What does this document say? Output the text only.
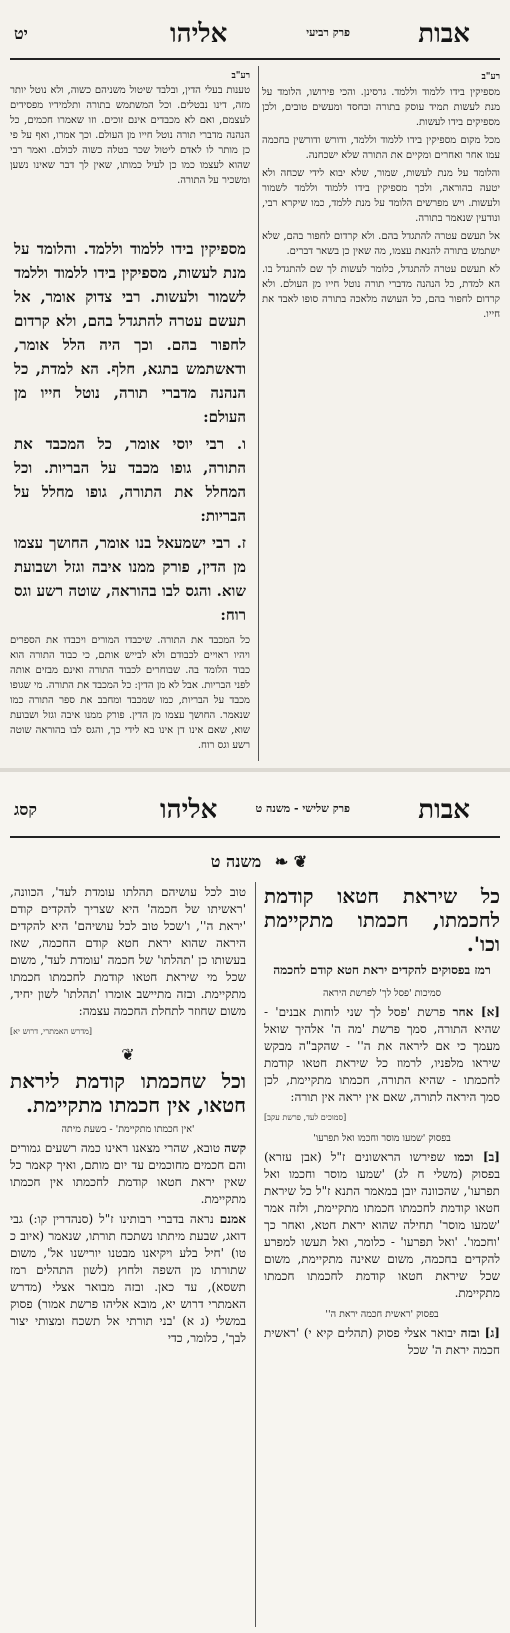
אבות
פרק רביעי
אליהו
יט
רע"ב

מספיקין בידו ללמוד וללמד. גרסינן. והכי פירושו, הלומד על מנת לעשות תמיד עוסק בתורה ובחסד ומעשים טובים, ולכן מספיקים בידו לעשות.

מכל מקום מספיקין בידו ללמוד וללמד, ודורש ודורשין בחכמה עמו אחר ואחרים ומקיים את התורה שלא ישכחנה.

והלומד על מנת לעשות, שמור, שלא יבוא לידי שכחה ולא יטעה בהוראה, ולכך מספיקין בידו ללמוד וללמד לשמור ולעשות. ויש מפרשים הלומד על מנת ללמד, כמו שיקרא רבי, ונודעין שנאמר בתורה.

אל תעשם עטרה להתגדל בהם. ולא קרדום לחפור בהם, שלא ישתמש בתורה להנאת עצמו, מה שאין כן בשאר דברים.

לא תעשם עטרה להתגדל, כלומר לעשות לך שם להתגדל בו. הא למדת, כל הנהנה מדברי תורה נוטל חייו מן העולם. ולא קרדום לחפור בהם, כל העושה מלאכה בתורה סופו לאבד את חייו.

רע"ב

טענות בעלי הדין, ובלבד שיטול משניהם כשוה, ולא נוטל יותר מזה, דינו נבטלים. וכל המשתמש בתורה ותלמידיו מפסידים לעצמם, ואם לא מכבדים אינם זוכים. וזו שאמרו חכמים, כל הנהנה מדברי תורה נוטל חייו מן העולם. וכך אמרו, ואף על פי כן מותר לו לאדם ליטול שכר בטלה כשוה לכולם. ואמר רבי שהוא לעצמו כמו כן לעיל כמותו, שאין לך דבר שאינו נשען ומשכיר על התורה.

מספיקין בידו ללמוד וללמד. והלומד על מנת לעשות, מספיקין בידו ללמוד וללמד לשמור ולעשות. רבי צדוק אומר, אל תעשם עטרה להתגדל בהם, ולא קרדום לחפור בהם. וכך היה הלל אומר, ודאשתמש בתגא, חלף. הא למדת, כל הנהנה מדברי תורה, נוטל חייו מן העולם:

ו. רבי יוסי אומר, כל המכבד את התורה, גופו מכבד על הבריות. וכל המחלל את התורה, גופו מחלל על הבריות:

ז. רבי ישמעאל בנו אומר, החושך עצמו מן הדין, פורק ממנו איבה וגזל ושבועת שוא. והגס לבו בהוראה, שוטה רשע וגס רוח:

כל המכבד את התורה. שיכבדו המורים ויכבדו את הספרים ויהיו ראויים לכבודם ולא לבייש אותם, כי כבוד התורה הוא כבוד הלומד בה. שבוחרים לכבוד התורה ואינם מבזים אותה לפני הבריות. אבל לא מן הדין: כל המכבד את התורה. מי שגופו מכבד על הבריות, כמו שמכבד ומחבב את ספר התורה כמו שנאמר. החושך עצמו מן הדין. פורק ממנו איבה וגזל ושבועת שוא, שאם אינו דן אינו בא לידי כך, והגס לבו בהוראה שוטה רשע וגס רוח.

אבות
פרק שלישי - משנה ט
אליהו
קסג
❦ ❧ משנה ט
כל שיראת חטאו קודמת לחכמתו, חכמתו מתקיימת וכו'.
רמז בפסוקים להקדים יראת חטא קודם לחכמה
סמיכות 'פסל לך' לפרשת היראה

[א] אחר פרשת 'פסל לך שני לוחות אבנים' - שהיא התורה, סמך פרשת 'מה ה' אלהיך שואל מעמך כי אם ליראה את ה'' - שהקב"ה מבקש שיראו מלפניו, לרמוז כל שיראת חטאו קודמת לחכמתו - שהיא התורה, חכמתו מתקיימת, לכן סמך היראה לתורה, שאם אין יראה אין תורה:

[סמוכים לעד, פרשת עקב]
בפסוק 'שמעו מוסר וחכמו ואל תפרעו'

[ב] וכמו שפירשו הראשונים ז"ל (אבן עזרא) בפסוק (משלי ח לג) 'שמעו מוסר וחכמו ואל תפרעו', שהכוונה יובן במאמר התנא ז"ל כל שיראת חטאו קודמת לחכמתו חכמתו מתקיימת, ולזה אמר 'שמעו מוסר' תחילה שהוא יראת חטא, ואחר כך 'וחכמו'. 'ואל תפרעו' - כלומר, ואל תעשו למפרע להקדים בחכמה, משום שאינה מתקיימת, משום שכל שיראת חטאו קודמת לחכמתו חכמתו מתקיימת.

בפסוק 'ראשית חכמה יראת ה''

[ג] ובזה יבואר אצלי פסוק (תהלים קיא י) 'ראשית חכמה יראת ה' שכל

טוב לכל עושיהם תהלתו עומדת לעד', הכוונה, 'ראשיתו של חכמה' היא שצריך להקדים קודם 'יראת ה'', ו'שכל טוב לכל עושיהם' היא להקדים היראה שהוא יראת חטא קודם החכמה, שאז בעשותו כן 'תהלתו' של חכמה 'עומדת לעד', משום שכל מי שיראת חטאו קודמת לחכמתו חכמתו מתקיימת. ובזה מתיישב אומרו 'תהלתו' לשון יחיד, משום שחוזר לתחלת החכמה עצמה:

[מדרש האמתרי, דרוש יא]
❦
וכל שחכמתו קודמת ליראת חטאו, אין חכמתו מתקיימת.
'אין חכמתו מתקיימת' - בשעת מיתה

קשה טובא, שהרי מצאנו ראינו כמה רשעים גמורים והם חכמים מחוכמים עד יום מותם, ואיך קאמר כל שאין יראת חטאו קודמת לחכמתו אין חכמתו מתקיימת.

אמנם נראה בדברי רבותינו ז"ל (סנהדרין קו:) גבי דואג, שבעת מיתתו נשתכח תורתו, שנאמר (איוב כ טו) 'חיל בלע ויקיאנו מבטנו יורישנו אל', משום שתורתו מן השפה ולחוץ (לשון התהלים רמז תשסא), עד כאן. ובזה מבואר אצלי (מדרש האמתרי דרוש יא, מובא אליהו פרשת אמור) פסוק במשלי (ג א) 'בני תורתי אל תשכח ומצותי יצור לבך', כלומר, כדי
